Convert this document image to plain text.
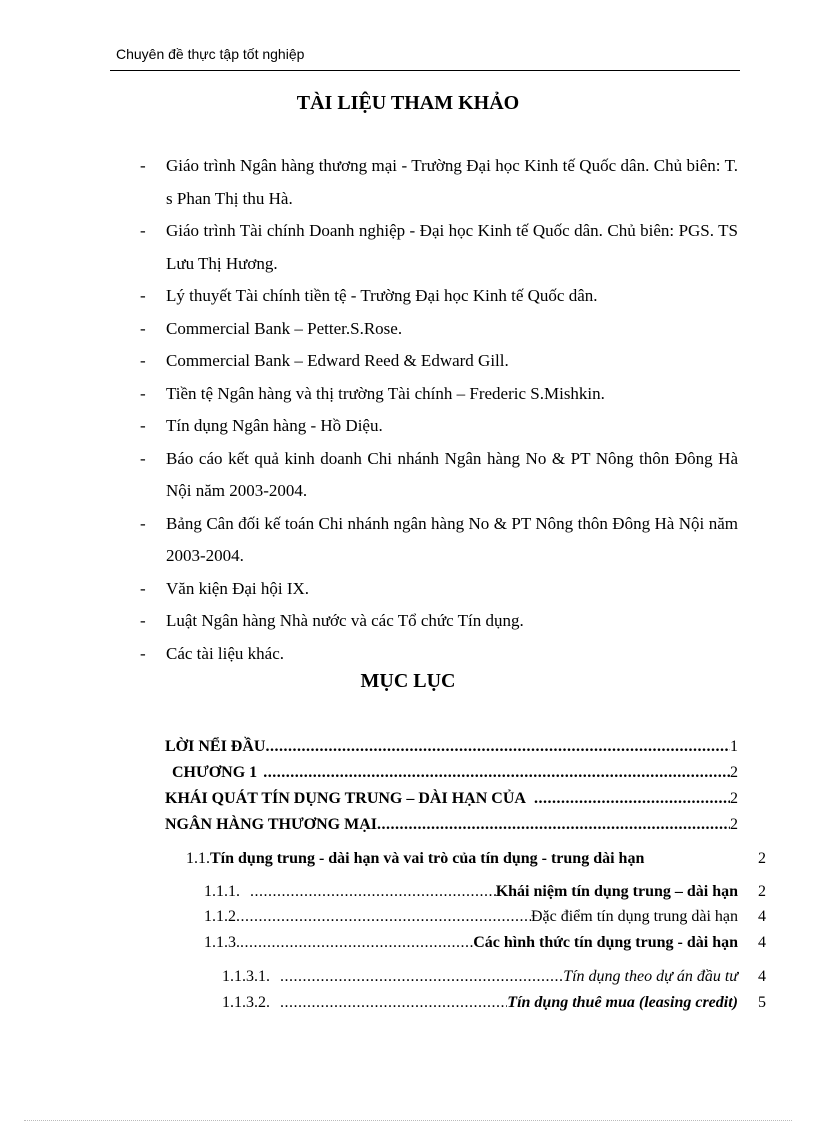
Chuyên đề thực tập tốt nghiệp
TÀI LIỆU THAM KHẢO
- Giáo trình Ngân hàng thương mại - Trường Đại học Kinh tế Quốc dân. Chủ biên: T. s Phan Thị thu Hà.
- Giáo trình Tài chính Doanh nghiệp - Đại học Kinh tế Quốc dân. Chủ biên: PGS. TS Lưu Thị Hương.
- Lý thuyết Tài chính tiền tệ - Trường Đại học Kinh tế Quốc dân.
- Commercial Bank – Petter.S.Rose.
- Commercial Bank – Edward Reed & Edward Gill.
- Tiền tệ Ngân hàng và thị trường Tài chính – Frederic S.Mishkin.
- Tín dụng Ngân hàng - Hồ Diệu.
- Báo cáo kết quả kinh doanh Chi nhánh Ngân hàng No & PT Nông thôn Đông Hà Nội năm 2003-2004.
- Bảng Cân đối kế toán Chi nhánh ngân hàng No & PT Nông thôn Đông Hà Nội năm 2003-2004.
- Văn kiện Đại hội IX.
- Luật Ngân hàng Nhà nước và các Tổ chức Tín dụng.
- Các tài liệu khác.
MỤC LỤC
LỜI NỂI ĐẦU .....	1
CHƯƠNG 1 .....	2
KHÁI QUÁT TÍN DỤNG TRUNG – DÀI HẠN CỦA .....	2
NGÂN HÀNG THƯƠNG MẠI .....	2
1.1. Tín dụng trung - dài hạn và vai trò của tín dụng - trung dài hạn	2
1.1.1. .....	Khái niệm tín dụng trung – dài hạn	2
1.1.2 .....	Đặc điểm tín dụng trung dài hạn	4
1.1.3. .....	Các hình thức tín dụng trung - dài hạn	4
1.1.3.1. .....	Tín dụng theo dự án đầu tư	4
1.1.3.2. .....	Tín dụng thuê mua (leasing credit)	5
